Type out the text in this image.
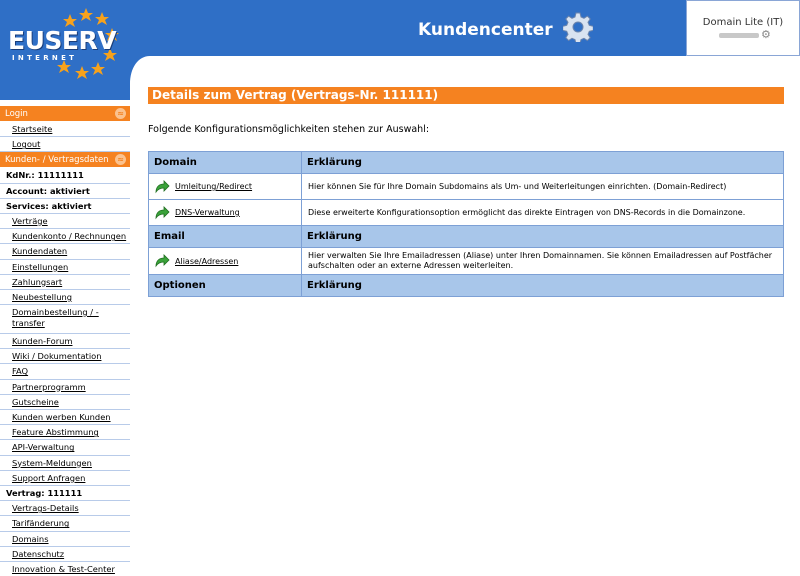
EUSERV
INTERNET
Kundencenter	Domain Lite (IT)
⚙
Login	≈
Startseite
Logout
Kunden- / Vertragsdaten ≈
KdNr.: 11111111
Account: aktiviert
Services: aktiviert
Verträge
Kundenkonto / Rechnungen
Kundendaten
Einstellungen
Zahlungsart
Neubestellung
Domainbestellung / -transfer
Kunden-Forum
Wiki / Dokumentation
FAQ
Partnerprogramm
Gutscheine
Kunden werben Kunden
Feature Abstimmung
API-Verwaltung
System-Meldungen
Support Anfragen
Vertrag: 111111
Vertrags-Details
Tarifänderung
Domains
Datenschutz
Innovation & Test-Center
Details zum Vertrag (Vertrags-Nr. 111111)
Folgende Konfigurationsmöglichkeiten stehen zur Auswahl:
Domain	Erklärung

Umleitung/Redirect	Hier können Sie für Ihre Domain Subdomains als Um- und Weiterleitungen einrichten. (Domain-Redirect)

DNS-Verwaltung	Diese erweiterte Konfigurationsoption ermöglicht das direkte Eintragen von DNS-Records in die Domainzone.
Email	Erklärung

Aliase/Adressen	Hier verwalten Sie Ihre Emailadressen (Aliase) unter Ihren Domainnamen. Sie können Emailadressen auf Postfächer aufschalten oder an externe Adressen weiterleiten.
Optionen	Erklärung
